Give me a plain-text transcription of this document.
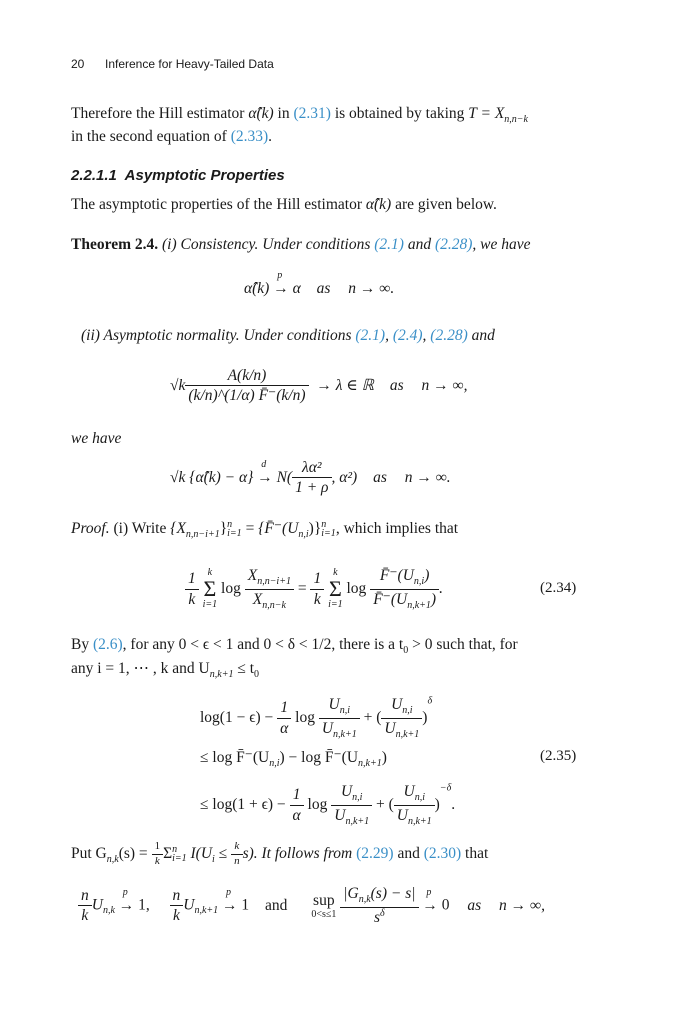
20 Inference for Heavy-Tailed Data
Therefore the Hill estimator α̂(k) in (2.31) is obtained by taking $T = X_{n,n-k}$
in the second equation of (2.33).
2.2.1.1 Asymptotic Properties
The asymptotic properties of the Hill estimator α̂(k) are given below.
Theorem 2.4. (i) Consistency. Under conditions (2.1) and (2.28), we have
α̂(k)
p
→ α as n → ∞.
(ii) Asymptotic normality. Under conditions (2.1), (2.4), (2.28) and
$√k \frac{A(k/n)}{(k/n)\^{}(1/\alpha) F̄^-(k/n)} \to \lambda$ ∈ ℝ as n → ∞,
we have
√k {α̂(k) − α}
d
→ $N( \frac{\text{λα²}}{1 + \rho}$ , α²) as n → ∞.
Proof. (i) Write $\{X_{n,n-i+1}\}$ n
$i=1 = \{F̄^-(U_{n,i})\}$ n
i=1 , which implies that
$\frac{1}{k}$
k
Σ
i=1
$\log \frac{X_{n,n-i+1}}{X_{n,n-k}} = \frac{1}{k}$
k
Σ
i=1
$\log \frac{F̄^-(U_{n,i})}{F̄^-(U_{n,k+1})}$ .	(2.34)
By (2.6), for any 0 < ϵ < 1 and 0 < δ < 1/2, there is a $t_0 > 0$ such that, for
any i = 1, ⋯ , k and $U_{n,k+1} \le t_0$
$\log(1 - \epsilon) - \frac{1}{\alpha}$ $\log \frac{U_{n,i}}{U_{n,k+1}}$ + ( $\frac{U_{n,i}}{U_{n,k+1}} )^\delta$
≤ $\log F̄^-(U_{n,i}) - \log$ $F̄^-(U_{n,k+1})$	(2.35)
≤ $\log(1 + \epsilon) - \frac{1}{\alpha}$ $\log \frac{U_{n,i}}{U_{n,k+1}}$ + ( $\frac{U_{n,i}}{U_{n,k+1}} )^{-\delta}$.
Put $G_{n,k}(s) = \frac{1}{k}$ Σ n
i=1 $I(U_i \le \frac{k}{n} s)$. It follows from (2.29) and (2.30) that
$\frac{n}{k} U_{n,k}$
p
→ 1, $\frac{n}{k} U_{n,k+1}$
p
→ 1 and sup
0<s≤1
$\frac{|G_{n,k}(s) - s|}{s^\delta}$
p
→ 0 as n → ∞,
